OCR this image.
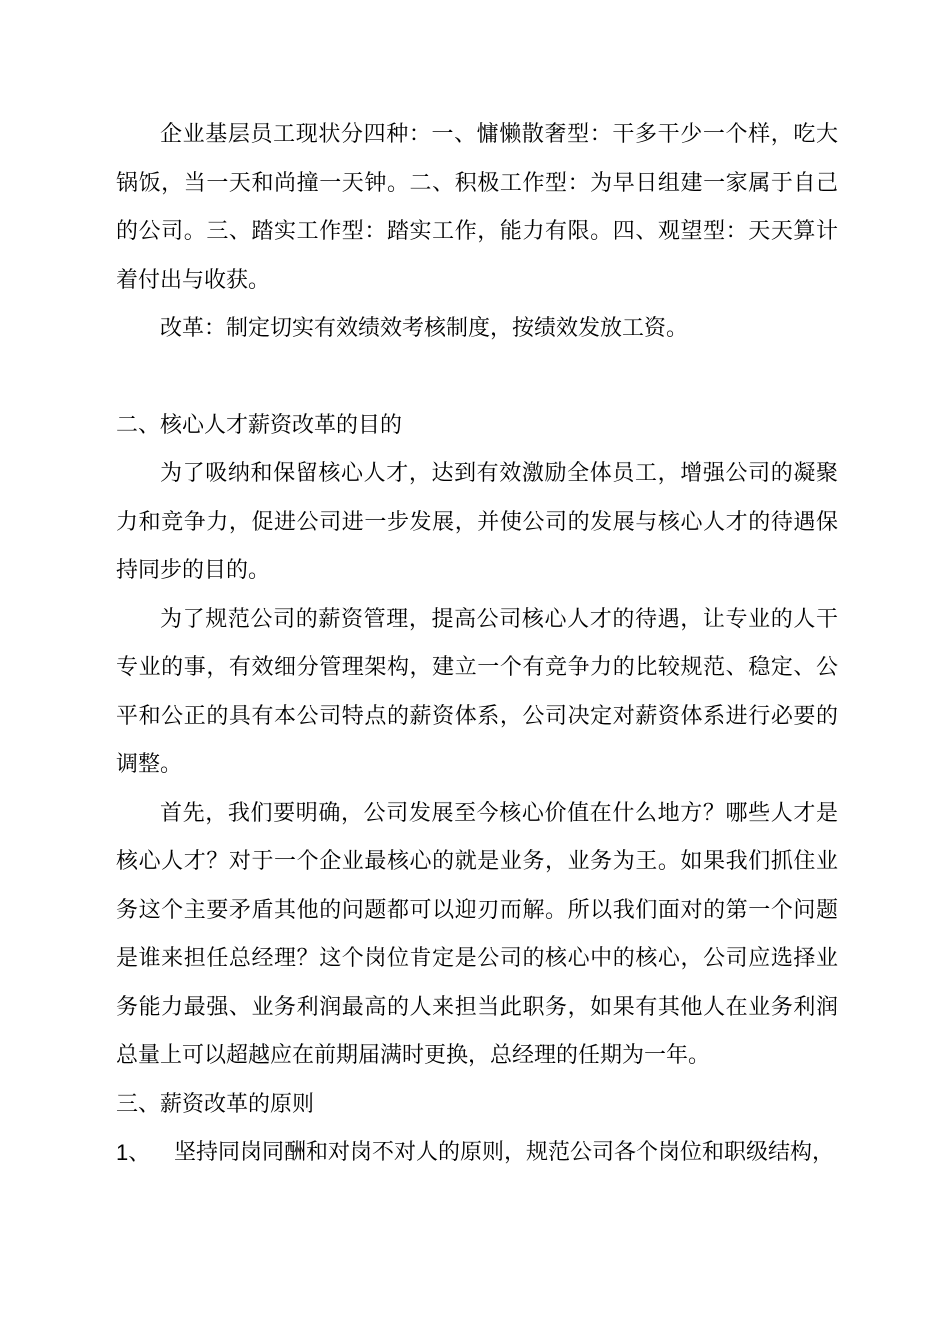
企业基层员工现状分四种：一、慵懒散奢型：干多干少一个样，吃大锅饭，当一天和尚撞一天钟。二、积极工作型：为早日组建一家属于自己的公司。三、踏实工作型：踏实工作，能力有限。四、观望型：天天算计着付出与收获。

改革：制定切实有效绩效考核制度，按绩效发放工资。

二、核心人才薪资改革的目的

为了吸纳和保留核心人才，达到有效激励全体员工，增强公司的凝聚力和竞争力，促进公司进一步发展，并使公司的发展与核心人才的待遇保持同步的目的。

为了规范公司的薪资管理，提高公司核心人才的待遇，让专业的人干专业的事，有效细分管理架构，建立一个有竞争力的比较规范、稳定、公平和公正的具有本公司特点的薪资体系，公司决定对薪资体系进行必要的调整。

首先，我们要明确，公司发展至今核心价值在什么地方？哪些人才是核心人才？对于一个企业最核心的就是业务，业务为王。如果我们抓住业务这个主要矛盾其他的问题都可以迎刃而解。所以我们面对的第一个问题是谁来担任总经理？这个岗位肯定是公司的核心中的核心，公司应选择业务能力最强、业务利润最高的人来担当此职务，如果有其他人在业务利润总量上可以超越应在前期届满时更换，总经理的任期为一年。

三、薪资改革的原则

1、	坚持同岗同酬和对岗不对人的原则，规范公司各个岗位和职级结构，
